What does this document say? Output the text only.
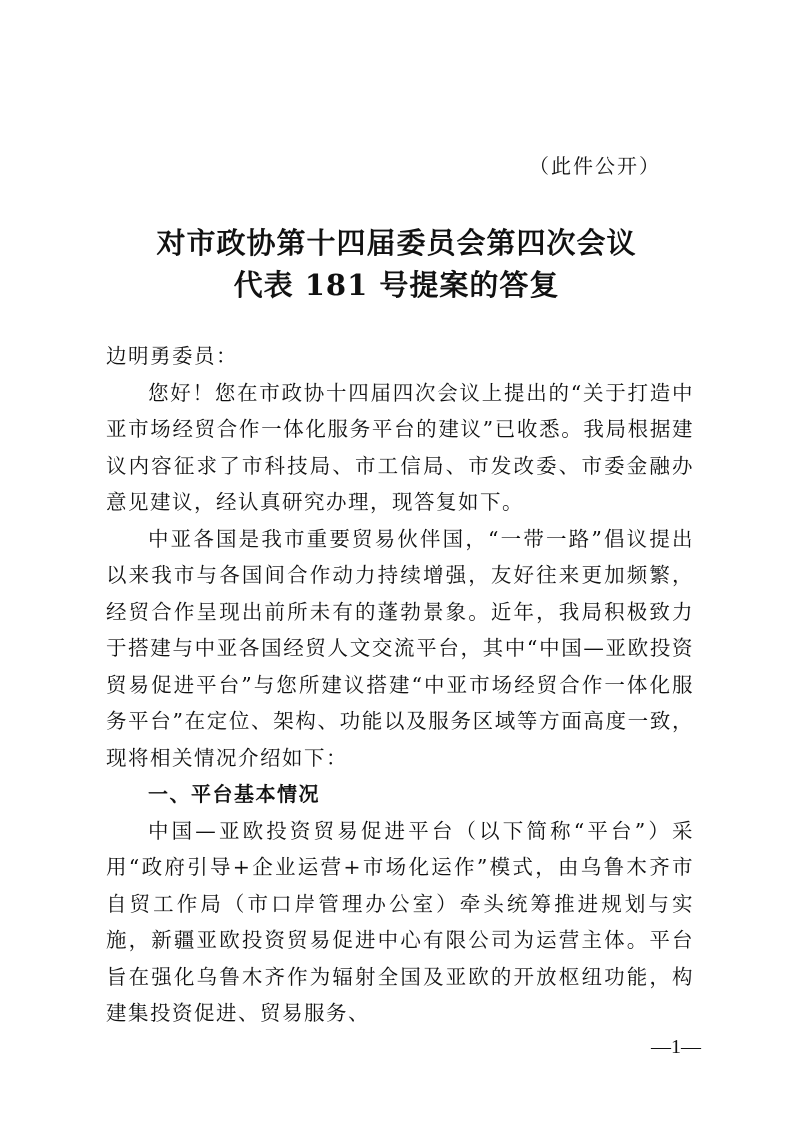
（此件公开）
对市政协第十四届委员会第四次会议
代表 181 号提案的答复

边明勇委员：

您好！您在市政协十四届四次会议上提出的“关于打造中亚市场经贸合作一体化服务平台的建议”已收悉。我局根据建议内容征求了市科技局、市工信局、市发改委、市委金融办意见建议，经认真研究办理，现答复如下。

中亚各国是我市重要贸易伙伴国，“一带一路”倡议提出以来我市与各国间合作动力持续增强，友好往来更加频繁，经贸合作呈现出前所未有的蓬勃景象。近年，我局积极致力于搭建与中亚各国经贸人文交流平台，其中“中国—亚欧投资贸易促进平台”与您所建议搭建“中亚市场经贸合作一体化服务平台”在定位、架构、功能以及服务区域等方面高度一致，现将相关情况介绍如下：

一、平台基本情况

中国—亚欧投资贸易促进平台（以下简称“平台”）采用“政府引导+企业运营+市场化运作”模式，由乌鲁木齐市自贸工作局（市口岸管理办公室）牵头统筹推进规划与实施，新疆亚欧投资贸易促进中心有限公司为运营主体。平台旨在强化乌鲁木齐作为辐射全国及亚欧的开放枢纽功能，构建集投资促进、贸易服务、

—1—
